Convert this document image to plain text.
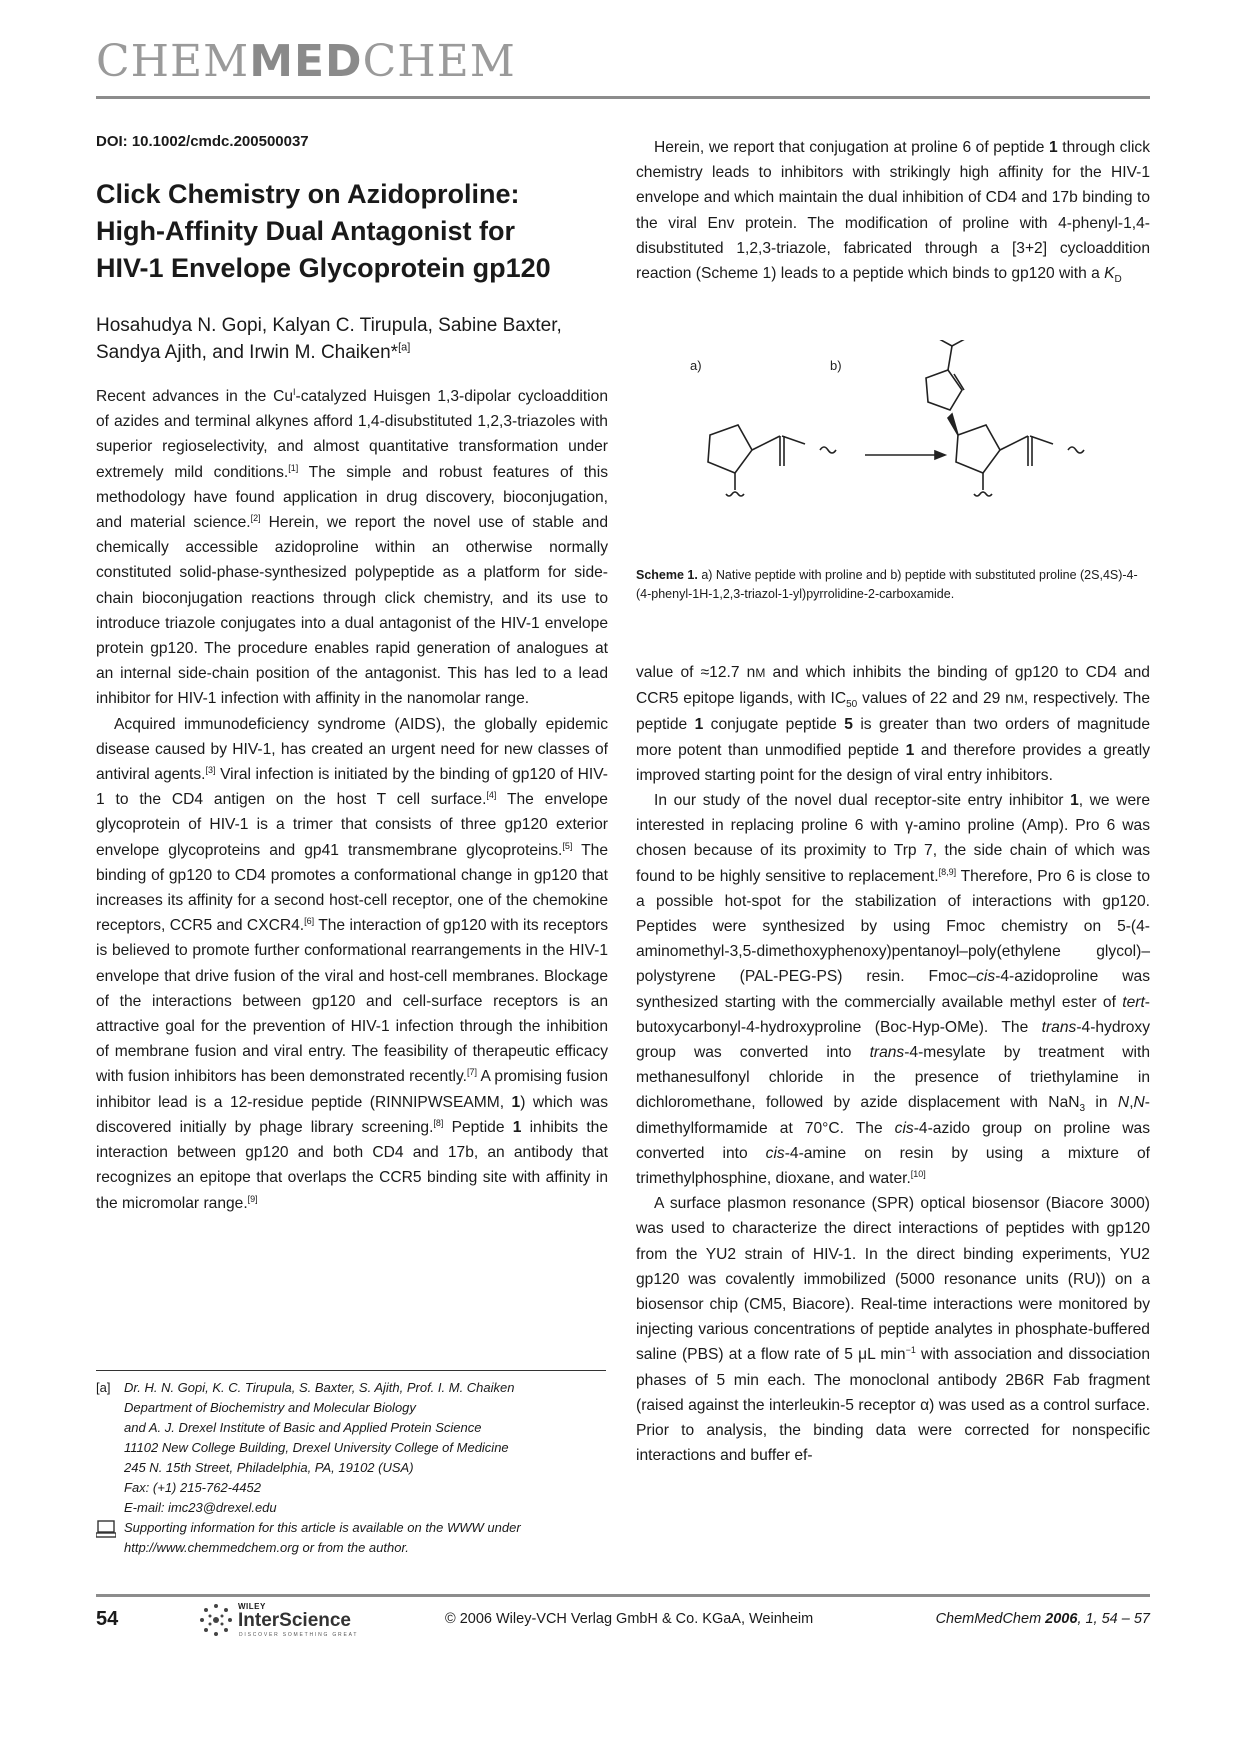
CHEMMEDCHEM
DOI: 10.1002/cmdc.200500037
Click Chemistry on Azidoproline:
High-Affinity Dual Antagonist for
HIV-1 Envelope Glycoprotein gp120
Hosahudya N. Gopi, Kalyan C. Tirupula, Sabine Baxter,
Sandya Ajith, and Irwin M. Chaiken*[a]

Recent advances in the $Cu^I$-catalyzed Huisgen 1,3-dipolar cycloaddition of azides and terminal alkynes afford 1,4-disubstituted 1,2,3-triazoles with superior regioselectivity, and almost quantitative transformation under extremely mild conditions.[1] The simple and robust features of this methodology have found application in drug discovery, bioconjugation, and material science.[2] Herein, we report the novel use of stable and chemically accessible azidoproline within an otherwise normally constituted solid-phase-synthesized polypeptide as a platform for side-chain bioconjugation reactions through click chemistry, and its use to introduce triazole conjugates into a dual antagonist of the HIV-1 envelope protein gp120. The procedure enables rapid generation of analogues at an internal side-chain position of the antagonist. This has led to a lead inhibitor for HIV-1 infection with affinity in the nanomolar range.

Acquired immunodeficiency syndrome (AIDS), the globally epidemic disease caused by HIV-1, has created an urgent need for new classes of antiviral agents.[3] Viral infection is initiated by the binding of gp120 of HIV-1 to the CD4 antigen on the host T cell surface.[4] The envelope glycoprotein of HIV-1 is a trimer that consists of three gp120 exterior envelope glycoproteins and gp41 transmembrane glycoproteins.[5] The binding of gp120 to CD4 promotes a conformational change in gp120 that increases its affinity for a second host-cell receptor, one of the chemokine receptors, CCR5 and CXCR4.[6] The interaction of gp120 with its receptors is believed to promote further conformational rearrangements in the HIV-1 envelope that drive fusion of the viral and host-cell membranes. Blockage of the interactions between gp120 and cell-surface receptors is an attractive goal for the prevention of HIV-1 infection through the inhibition of membrane fusion and viral entry. The feasibility of therapeutic efficacy with fusion inhibitors has been demonstrated recently.[7] A promising fusion inhibitor lead is a 12-residue peptide (RINNIPWSEAMM, 1) which was discovered initially by phage library screening.[8] Peptide 1 inhibits the interaction between gp120 and both CD4 and 17b, an antibody that recognizes an epitope that overlaps the CCR5 binding site with affinity in the micromolar range.[9]

Herein, we report that conjugation at proline 6 of peptide 1 through click chemistry leads to inhibitors with strikingly high affinity for the HIV-1 envelope and which maintain the dual inhibition of CD4 and 17b binding to the viral Env protein. The modification of proline with 4-phenyl-1,4-disubstituted 1,2,3-triazole, fabricated through a [3+2] cycloaddition reaction (Scheme 1) leads to a peptide which binds to gp120 with a $K_D$

a)	b)
Scheme 1. a) Native peptide with proline and b) peptide with substituted proline (2S,4S)-4-(4-phenyl-1H-1,2,3-triazol-1-yl)pyrrolidine-2-carboxamide.

value of ≈12.7 nM and which inhibits the binding of gp120 to CD4 and CCR5 epitope ligands, with $IC_{50}$ values of 22 and 29 nM, respectively. The peptide 1 conjugate peptide 5 is greater than two orders of magnitude more potent than unmodified peptide 1 and therefore provides a greatly improved starting point for the design of viral entry inhibitors.

In our study of the novel dual receptor-site entry inhibitor 1, we were interested in replacing proline 6 with γ-amino proline (Amp). Pro 6 was chosen because of its proximity to Trp 7, the side chain of which was found to be highly sensitive to replacement.[8,9] Therefore, Pro 6 is close to a possible hot-spot for the stabilization of interactions with gp120. Peptides were synthesized by using Fmoc chemistry on 5-(4-aminomethyl-3,5-dimethoxyphenoxy)pentanoyl–poly(ethylene glycol)–polystyrene (PAL-PEG-PS) resin. Fmoc–cis-4-azidoproline was synthesized starting with the commercially available methyl ester of tert-butoxycarbonyl-4-hydroxyproline (Boc-Hyp-OMe). The trans-4-hydroxy group was converted into trans-4-mesylate by treatment with methanesulfonyl chloride in the presence of triethylamine in dichloromethane, followed by azide displacement with NaN$_3$ in N,N-dimethylformamide at 70°C. The cis-4-azido group on proline was converted into cis-4-amine on resin by using a mixture of trimethylphosphine, dioxane, and water.[10]

A surface plasmon resonance (SPR) optical biosensor (Biacore 3000) was used to characterize the direct interactions of peptides with gp120 from the YU2 strain of HIV-1. In the direct binding experiments, YU2 gp120 was covalently immobilized (5000 resonance units (RU)) on a biosensor chip (CM5, Biacore). Real-time interactions were monitored by injecting various concentrations of peptide analytes in phosphate-buffered saline (PBS) at a flow rate of 5 μL $\min^{-1}$ with association and dissociation phases of 5 min each. The monoclonal antibody 2B6R Fab fragment (raised against the interleukin-5 receptor α) was used as a control surface. Prior to analysis, the binding data were corrected for nonspecific interactions and buffer ef-

[a] Dr. H. N. Gopi, K. C. Tirupula, S. Baxter, S. Ajith, Prof. I. M. Chaiken
Department of Biochemistry and Molecular Biology
and A. J. Drexel Institute of Basic and Applied Protein Science
11102 New College Building, Drexel University College of Medicine
245 N. 15th Street, Philadelphia, PA, 19102 (USA)
Fax: (+1) 215-762-4452
E-mail: imc23@drexel.edu
Supporting information for this article is available on the WWW under
http://www.chemmedchem.org or from the author.
54
WILEY
InterScience
DISCOVER SOMETHING GREAT
© 2006 Wiley-VCH Verlag GmbH & Co. KGaA, Weinheim	ChemMedChem 2006, 1, 54 – 57
